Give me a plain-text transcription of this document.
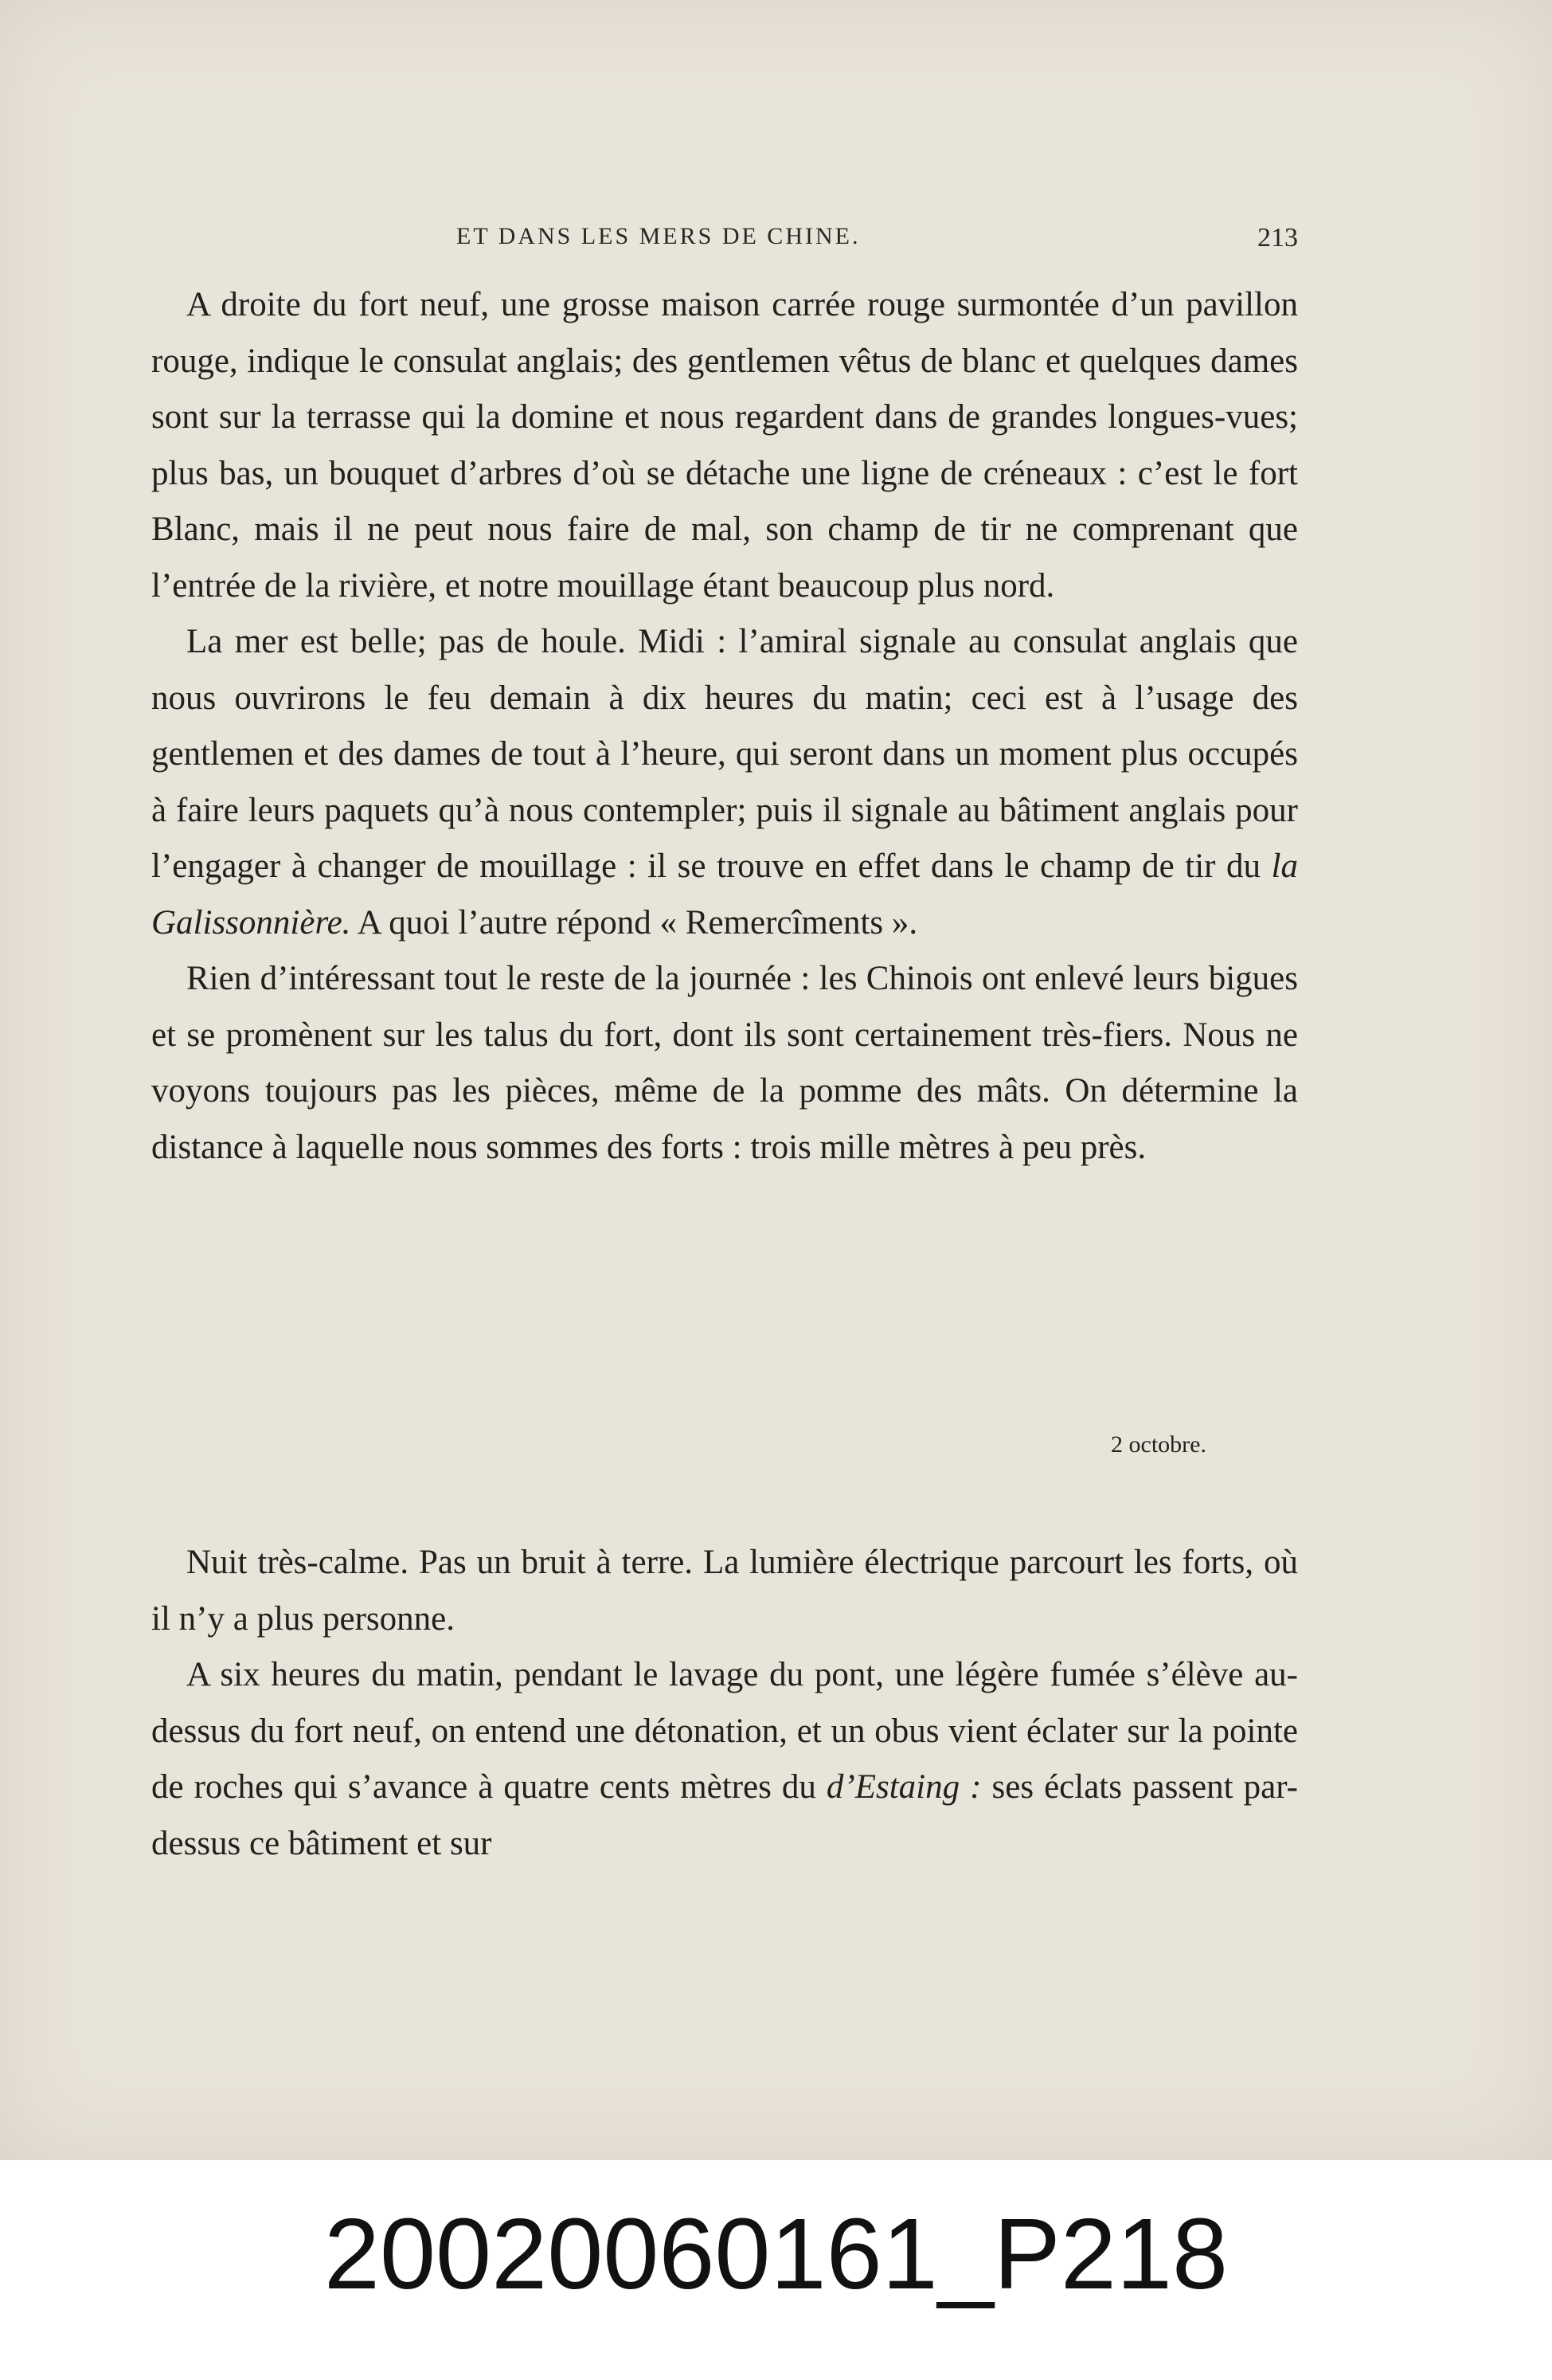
ET DANS LES MERS DE CHINE.	213

A droite du fort neuf, une grosse maison carrée rouge surmontée d’un pavillon rouge, indique le consulat anglais; des gentlemen vêtus de blanc et quelques dames sont sur la terrasse qui la domine et nous regardent dans de grandes longues-vues; plus bas, un bouquet d’arbres d’où se détache une ligne de créneaux : c’est le fort Blanc, mais il ne peut nous faire de mal, son champ de tir ne comprenant que l’entrée de la rivière, et notre mouillage étant beaucoup plus nord.

La mer est belle; pas de houle. Midi : l’amiral signale au consulat anglais que nous ouvrirons le feu demain à dix heures du matin; ceci est à l’usage des gentlemen et des dames de tout à l’heure, qui seront dans un moment plus occupés à faire leurs paquets qu’à nous contempler; puis il signale au bâtiment anglais pour l’engager à changer de mouillage : il se trouve en effet dans le champ de tir du la Galissonnière. A quoi l’autre répond « Remercîments ».

Rien d’intéressant tout le reste de la journée : les Chinois ont enlevé leurs bigues et se promènent sur les talus du fort, dont ils sont certainement très-fiers. Nous ne voyons toujours pas les pièces, même de la pomme des mâts. On détermine la distance à laquelle nous sommes des forts : trois mille mètres à peu près.

2 octobre.

Nuit très-calme. Pas un bruit à terre. La lumière électrique parcourt les forts, où il n’y a plus personne.

A six heures du matin, pendant le lavage du pont, une légère fumée s’élève au-dessus du fort neuf, on entend une détonation, et un obus vient éclater sur la pointe de roches qui s’avance à quatre cents mètres du d’Estaing : ses éclats passent par-dessus ce bâtiment et sur

20020060161_P218
